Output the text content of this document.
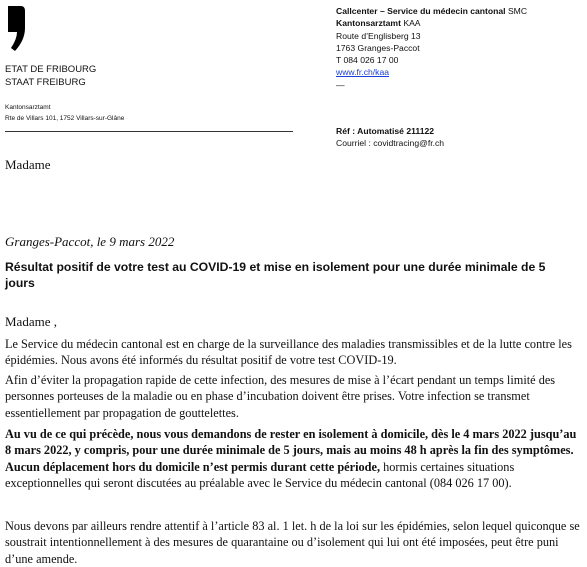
ETAT DE FRIBOURG
STAAT FREIBURG
Kantonsarztamt
Rte de Villars 101, 1752 Villars-sur-Glâne
Callcenter – Service du médecin cantonal SMC
Kantonsarztamt KAA
Route d’Englisberg 13
1763 Granges-Paccot
T 084 026 17 00
www.fr.ch/kaa
—
Réf : Automatisé 211122
Courriel : covidtracing@fr.ch
Madame
Granges-Paccot, le 9 mars 2022
Résultat positif de votre test au COVID-19 et mise en isolement pour une durée minimale de 5 jours
Madame ,
Le Service du médecin cantonal est en charge de la surveillance des maladies transmissibles et de la lutte contre les épidémies. Nous avons été informés du résultat positif de votre test COVID-19.
Afin d’éviter la propagation rapide de cette infection, des mesures de mise à l’écart pendant un temps limité des personnes porteuses de la maladie ou en phase d’incubation doivent être prises. Votre infection se transmet essentiellement par propagation de gouttelettes.
Au vu de ce qui précède, nous vous demandons de rester en isolement à domicile, dès le 4 mars 2022 jusqu’au 8 mars 2022, y compris, pour une durée minimale de 5 jours, mais au moins 48 h après la fin des symptômes. Aucun déplacement hors du domicile n’est permis durant cette période, hormis certaines situations exceptionnelles qui seront discutées au préalable avec le Service du médecin cantonal (084 026 17 00).
Nous devons par ailleurs rendre attentif à l’article 83 al. 1 let. h de la loi sur les épidémies, selon lequel quiconque se soustrait intentionnellement à des mesures de quarantaine ou d’isolement qui lui ont été imposées, peut être puni d’une amende.
